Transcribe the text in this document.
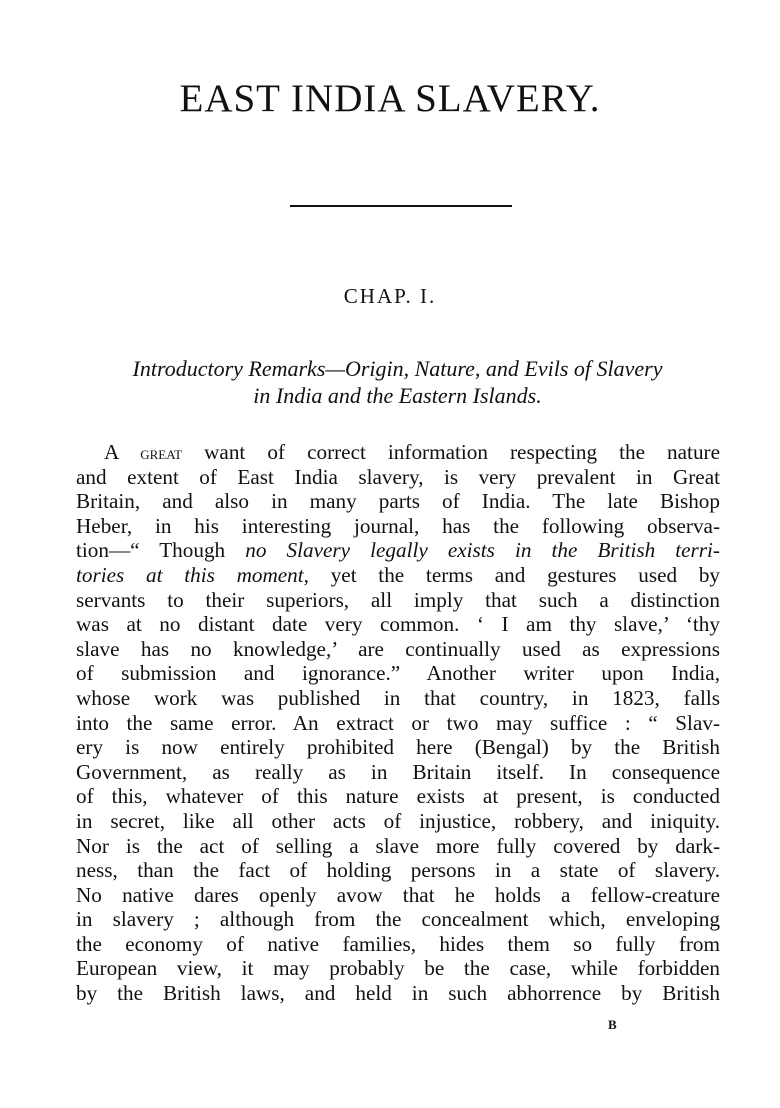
EAST INDIA SLAVERY.
CHAP. I.
Introductory Remarks—Origin, Nature, and Evils of Slavery
in India and the Eastern Islands.
A great want of correct information respecting the nature
and extent of East India slavery, is very prevalent in Great
Britain, and also in many parts of India. The late Bishop
Heber, in his interesting journal, has the following observa-
tion—“ Though no Slavery legally exists in the British terri-
tories at this moment, yet the terms and gestures used by
servants to their superiors, all imply that such a distinction
was at no distant date very common. ‘ I am thy slave,’ ‘thy
slave has no knowledge,’ are continually used as expressions
of submission and ignorance.” Another writer upon India,
whose work was published in that country, in 1823, falls
into the same error. An extract or two may suffice : “ Slav-
ery is now entirely prohibited here (Bengal) by the British
Government, as really as in Britain itself. In consequence
of this, whatever of this nature exists at present, is conducted
in secret, like all other acts of injustice, robbery, and iniquity.
Nor is the act of selling a slave more fully covered by dark-
ness, than the fact of holding persons in a state of slavery.
No native dares openly avow that he holds a fellow-creature
in slavery ; although from the concealment which, enveloping
the economy of native families, hides them so fully from
European view, it may probably be the case, while forbidden
by the British laws, and held in such abhorrence by British
B
